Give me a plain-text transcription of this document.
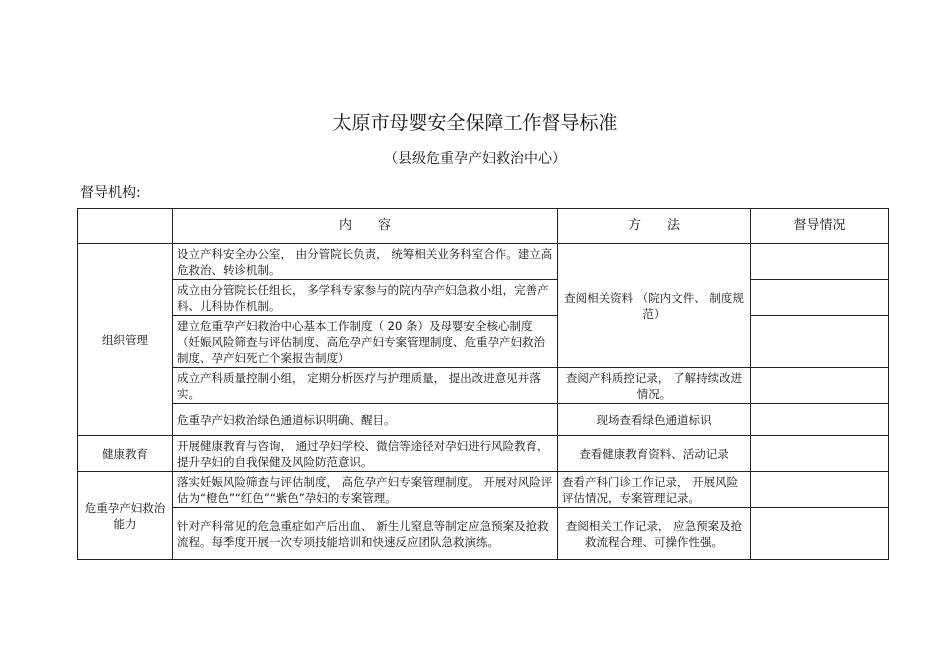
太原市母婴安全保障工作督导标准
（县级危重孕产妇救治中心）
督导机构:
	内　　容	方　　法	督导情况
组织管理	设立产科安全办公室， 由分管院长负责， 统筹相关业务科室合作。建立高危救治、转诊机制。	查阅相关资料 （院内文件、 制度规范）	
	成立由分管院长任组长， 多学科专家参与的院内孕产妇急救小组，完善产科、儿科协作机制。		
	建立危重孕产妇救治中心基本工作制度（ 20 条）及母婴安全核心制度（妊娠风险筛查与评估制度、高危孕产妇专案管理制度、危重孕产妇救治制度、孕产妇死亡个案报告制度）		
	成立产科质量控制小组， 定期分析医疗与护理质量， 提出改进意见并落实。	查阅产科质控记录， 了解持续改进情况。	
	危重孕产妇救治绿色通道标识明确、醒目。	现场查看绿色通道标识	
健康教育	开展健康教育与咨询， 通过孕妇学校、微信等途径对孕妇进行风险教育，提升孕妇的自我保健及风险防范意识。	查看健康教育资料、活动记录	
危重孕产妇救治能力	落实妊娠风险筛查与评估制度， 高危孕产妇专案管理制度。 开展对风险评估为“橙色”“红色”“紫色”孕妇的专案管理。	查看产科门诊工作记录， 开展风险评估情况，专案管理记录。	
	针对产科常见的危急重症如产后出血、 新生儿窒息等制定应急预案及抢救流程。每季度开展一次专项技能培训和快速反应团队急救演练。	查阅相关工作记录， 应急预案及抢救流程合理、可操作性强。	
